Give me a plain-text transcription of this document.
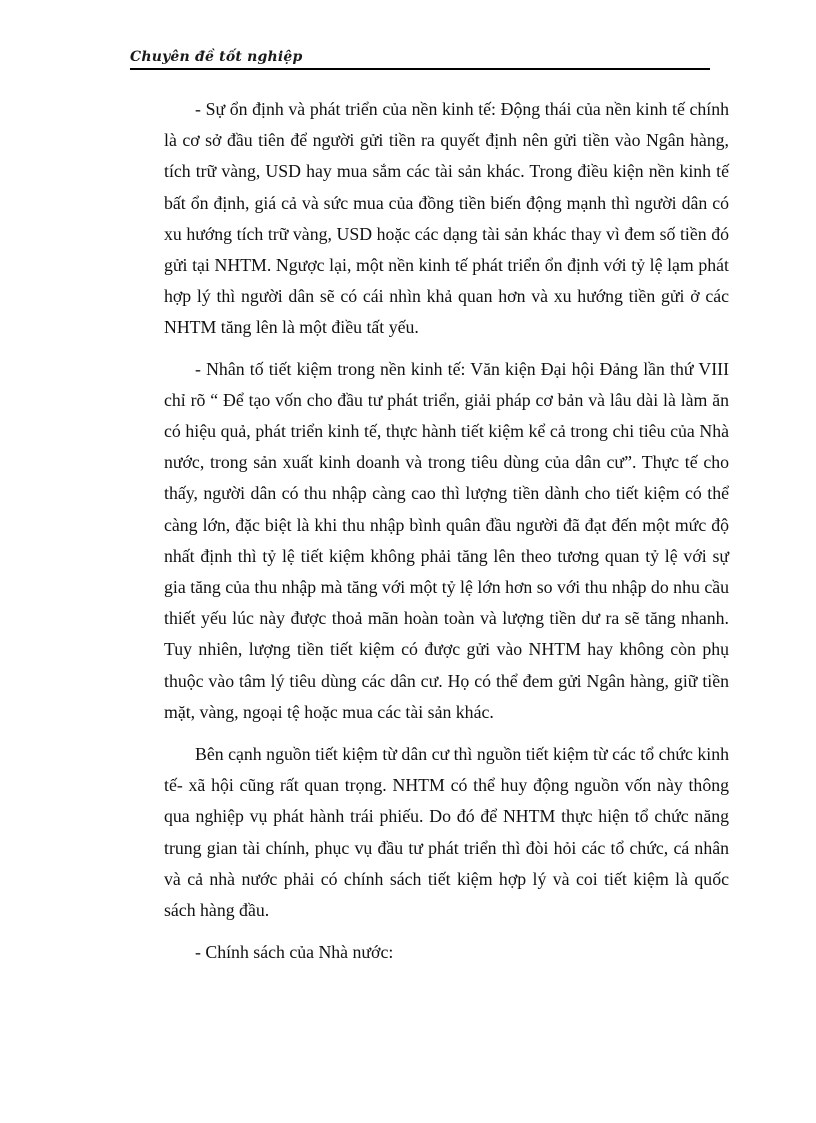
Chuyên đề tốt nghiệp

- Sự ổn định và phát triển của nền kinh tế: Động thái của nền kinh tế chính là cơ sở đầu tiên để người gửi tiền ra quyết định nên gửi tiền vào Ngân hàng, tích trữ vàng, USD hay mua sắm các tài sản khác. Trong điều kiện nền kinh tế bất ổn định, giá cả và sức mua của đồng tiền biến động mạnh thì người dân có xu hướng tích trữ vàng, USD hoặc các dạng tài sản khác thay vì đem số tiền đó gửi tại NHTM. Ngược lại, một nền kinh tế phát triển ổn định với tỷ lệ lạm phát hợp lý thì người dân sẽ có cái nhìn khả quan hơn và xu hướng tiền gửi ở các NHTM tăng lên là một điều tất yếu.

- Nhân tố tiết kiệm trong nền kinh tế: Văn kiện Đại hội Đảng lần thứ VIII chỉ rõ “ Để tạo vốn cho đầu tư phát triển, giải pháp cơ bản và lâu dài là làm ăn có hiệu quả, phát triển kinh tế, thực hành tiết kiệm kể cả trong chi tiêu của Nhà nước, trong sản xuất kinh doanh và trong tiêu dùng của dân cư”. Thực tế cho thấy, người dân có thu nhập càng cao thì lượng tiền dành cho tiết kiệm có thể càng lớn, đặc biệt là khi thu nhập bình quân đầu người đã đạt đến một mức độ nhất định thì tỷ lệ tiết kiệm không phải tăng lên theo tương quan tỷ lệ với sự gia tăng của thu nhập mà tăng với một tỷ lệ lớn hơn so với thu nhập do nhu cầu thiết yếu lúc này được thoả mãn hoàn toàn và lượng tiền dư ra sẽ tăng nhanh. Tuy nhiên, lượng tiền tiết kiệm có được gửi vào NHTM hay không còn phụ thuộc vào tâm lý tiêu dùng các dân cư. Họ có thể đem gửi Ngân hàng, giữ tiền mặt, vàng, ngoại tệ hoặc mua các tài sản khác.

Bên cạnh nguồn tiết kiệm từ dân cư thì nguồn tiết kiệm từ các tổ chức kinh tế- xã hội cũng rất quan trọng. NHTM có thể huy động nguồn vốn này thông qua nghiệp vụ phát hành trái phiếu. Do đó để NHTM thực hiện tổ chức năng trung gian tài chính, phục vụ đầu tư phát triển thì đòi hỏi các tổ chức, cá nhân và cả nhà nước phải có chính sách tiết kiệm hợp lý và coi tiết kiệm là quốc sách hàng đầu.

- Chính sách của Nhà nước:
